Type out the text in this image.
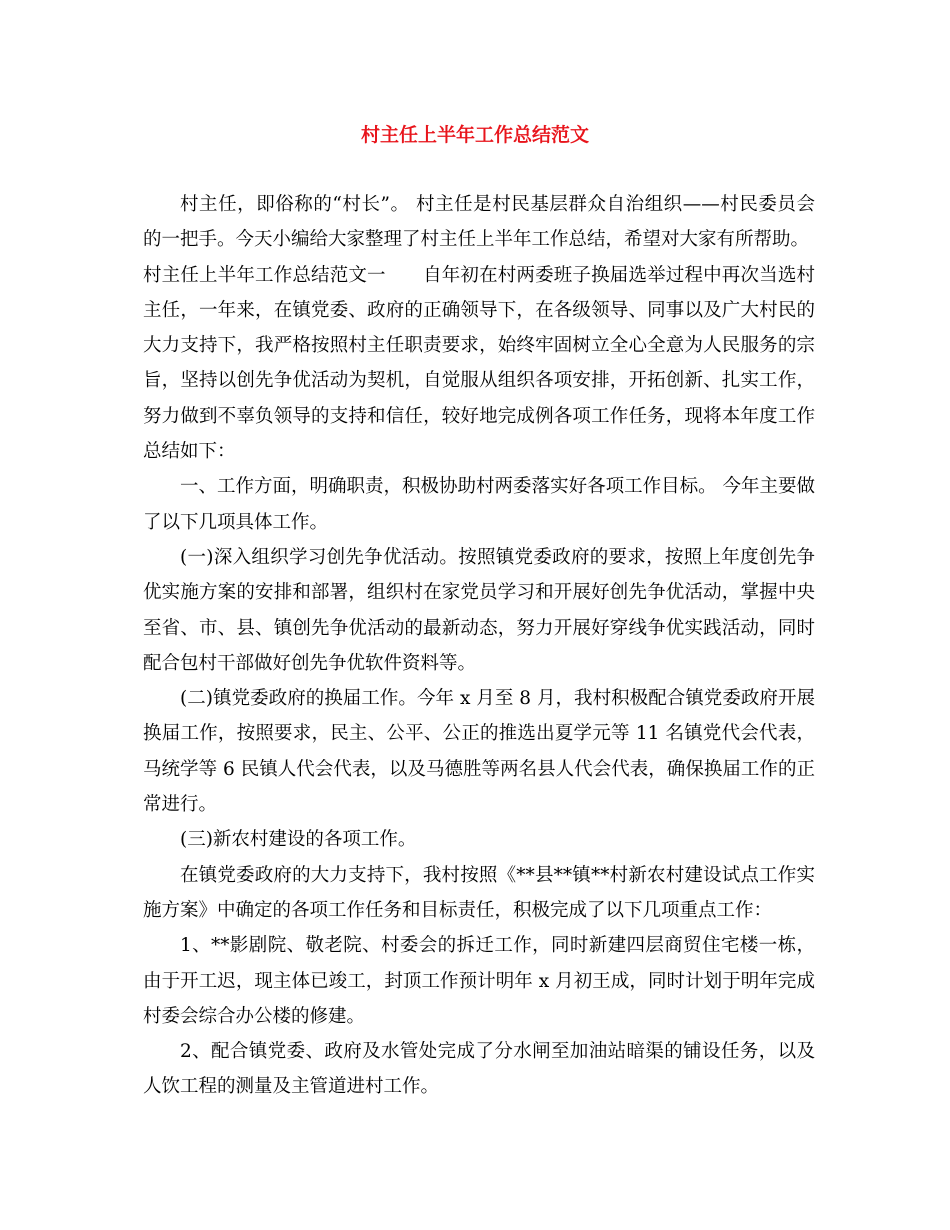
村主任上半年工作总结范文

村主任，即俗称的“村长”。 村主任是村民基层群众自治组织——村民委员会的一把手。今天小编给大家整理了村主任上半年工作总结，希望对大家有所帮助。

村主任上半年工作总结范文一　　自年初在村两委班子换届选举过程中再次当选村主任，一年来，在镇党委、政府的正确领导下，在各级领导、同事以及广大村民的大力支持下，我严格按照村主任职责要求，始终牢固树立全心全意为人民服务的宗旨，坚持以创先争优活动为契机，自觉服从组织各项安排，开拓创新、扎实工作，努力做到不辜负领导的支持和信任，较好地完成例各项工作任务，现将本年度工作总结如下：

一、工作方面，明确职责，积极协助村两委落实好各项工作目标。 今年主要做了以下几项具体工作。

(一)深入组织学习创先争优活动。按照镇党委政府的要求，按照上年度创先争优实施方案的安排和部署，组织村在家党员学习和开展好创先争优活动，掌握中央至省、市、县、镇创先争优活动的最新动态，努力开展好穿线争优实践活动，同时配合包村干部做好创先争优软件资料等。

(二)镇党委政府的换届工作。今年 x 月至 8 月，我村积极配合镇党委政府开展换届工作，按照要求，民主、公平、公正的推选出夏学元等 11 名镇党代会代表，马统学等 6 民镇人代会代表，以及马德胜等两名县人代会代表，确保换届工作的正常进行。

(三)新农村建设的各项工作。

在镇党委政府的大力支持下，我村按照《**县**镇**村新农村建设试点工作实施方案》中确定的各项工作任务和目标责任，积极完成了以下几项重点工作：

1、**影剧院、敬老院、村委会的拆迁工作，同时新建四层商贸住宅楼一栋，由于开工迟，现主体已竣工，封顶工作预计明年 x 月初王成，同时计划于明年完成村委会综合办公楼的修建。

2、配合镇党委、政府及水管处完成了分水闸至加油站暗渠的铺设任务，以及人饮工程的测量及主管道进村工作。
